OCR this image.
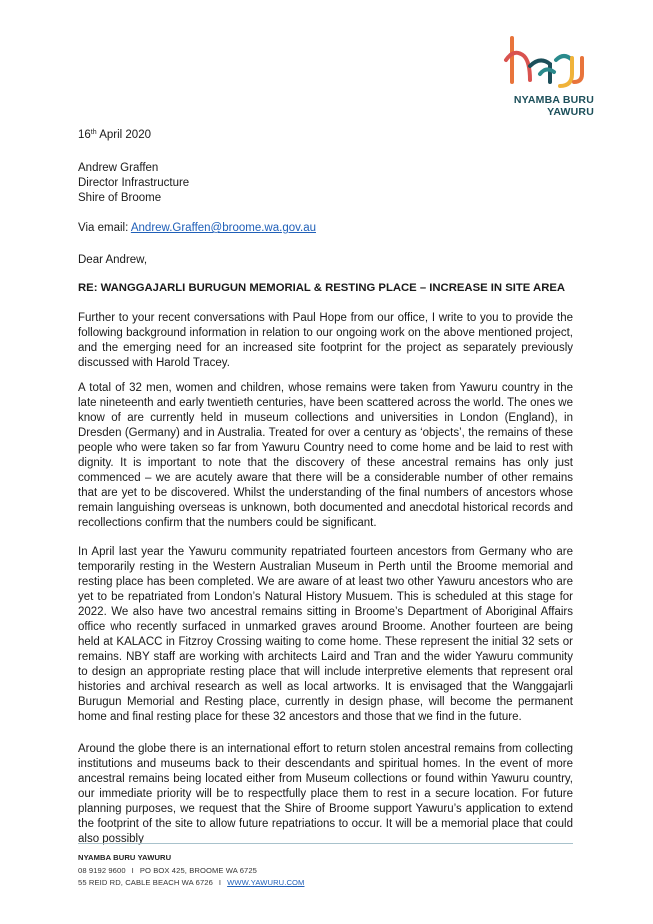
NYAMBA BURU
YAWURU
16th April 2020
Andrew Graffen
Director Infrastructure
Shire of Broome
Via email: Andrew.Graffen@broome.wa.gov.au
Dear Andrew,
RE: WANGGAJARLI BURUGUN MEMORIAL & RESTING PLACE – INCREASE IN SITE AREA
Further to your recent conversations with Paul Hope from our office, I write to you to provide the following background information in relation to our ongoing work on the above mentioned project, and the emerging need for an increased site footprint for the project as separately previously discussed with Harold Tracey.
A total of 32 men, women and children, whose remains were taken from Yawuru country in the late nineteenth and early twentieth centuries, have been scattered across the world. The ones we know of are currently held in museum collections and universities in London (England), in Dresden (Germany) and in Australia. Treated for over a century as ‘objects’, the remains of these people who were taken so far from Yawuru Country need to come home and be laid to rest with dignity. It is important to note that the discovery of these ancestral remains has only just commenced – we are acutely aware that there will be a considerable number of other remains that are yet to be discovered. Whilst the understanding of the final numbers of ancestors whose remain languishing overseas is unknown, both documented and anecdotal historical records and recollections confirm that the numbers could be significant.
In April last year the Yawuru community repatriated fourteen ancestors from Germany who are temporarily resting in the Western Australian Museum in Perth until the Broome memorial and resting place has been completed. We are aware of at least two other Yawuru ancestors who are yet to be repatriated from London’s Natural History Musuem. This is scheduled at this stage for 2022. We also have two ancestral remains sitting in Broome’s Department of Aboriginal Affairs office who recently surfaced in unmarked graves around Broome. Another fourteen are being held at KALACC in Fitzroy Crossing waiting to come home. These represent the initial 32 sets or remains. NBY staff are working with architects Laird and Tran and the wider Yawuru community to design an appropriate resting place that will include interpretive elements that represent oral histories and archival research as well as local artworks. It is envisaged that the Wanggajarli Burugun Memorial and Resting place, currently in design phase, will become the permanent home and final resting place for these 32 ancestors and those that we find in the future.
Around the globe there is an international effort to return stolen ancestral remains from collecting institutions and museums back to their descendants and spiritual homes. In the event of more ancestral remains being located either from Museum collections or found within Yawuru country, our immediate priority will be to respectfully place them to rest in a secure location. For future planning purposes, we request that the Shire of Broome support Yawuru’s application to extend the footprint of the site to allow future repatriations to occur. It will be a memorial place that could also possibly
NYAMBA BURU YAWURU
08 9192 9600 I PO BOX 425, BROOME WA 6725
55 REID RD, CABLE BEACH WA 6726 I WWW.YAWURU.COM
